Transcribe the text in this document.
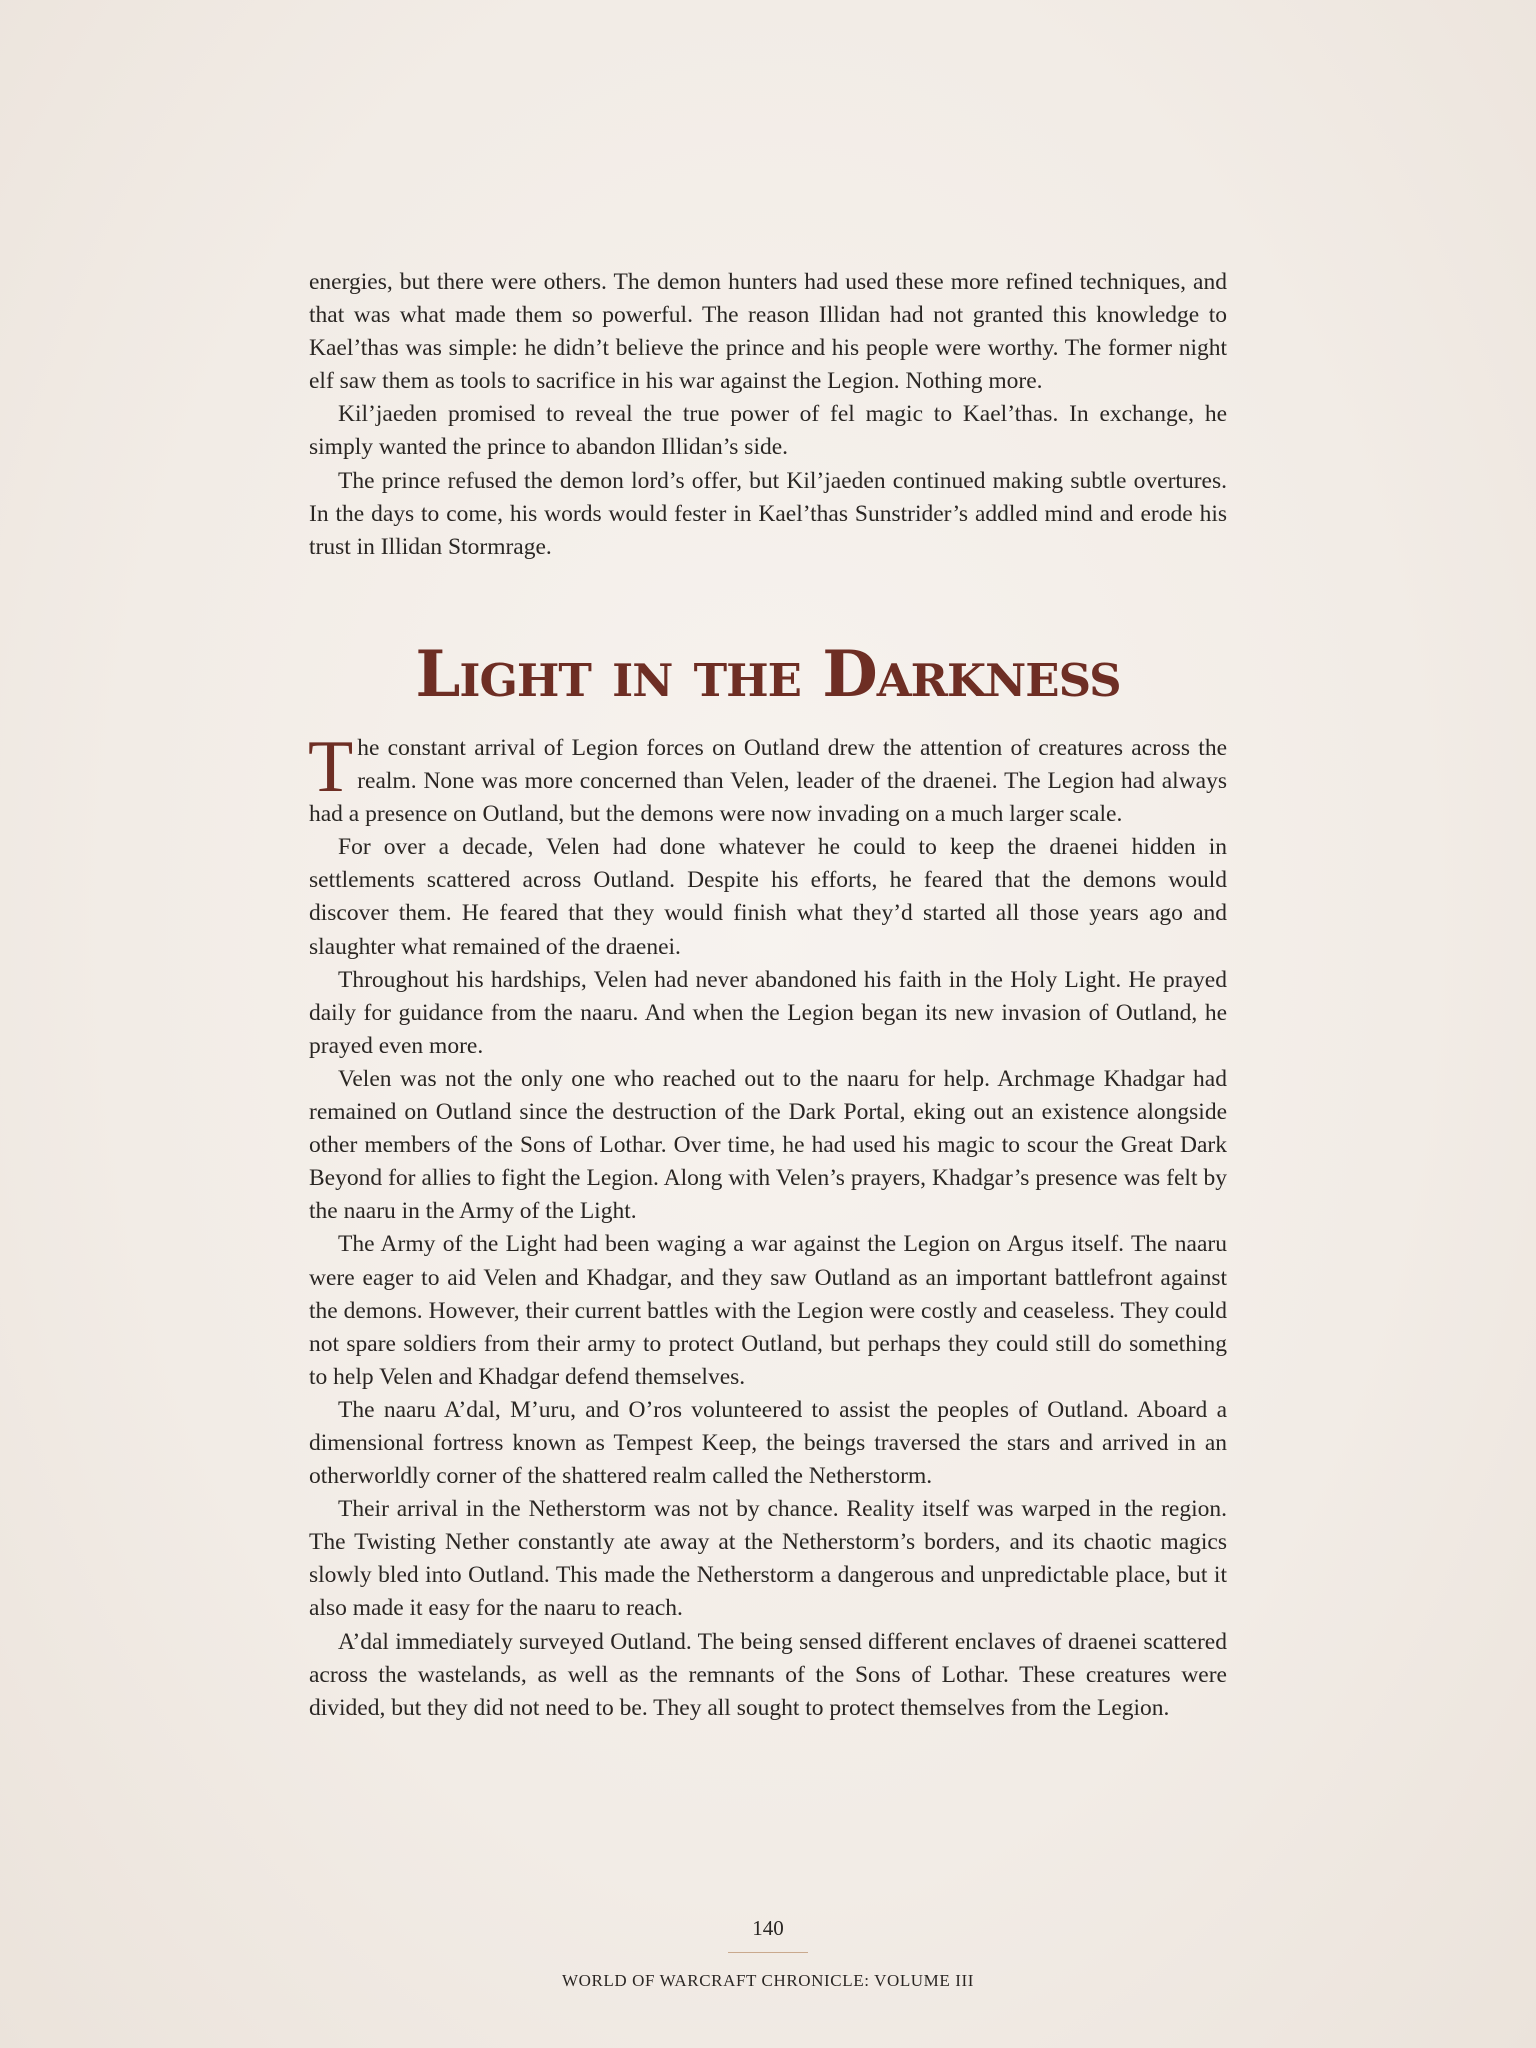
energies, but there were others. The demon hunters had used these more refined techniques, and that was what made them so powerful. The reason Illidan had not granted this knowledge to Kael’thas was simple: he didn’t believe the prince and his people were worthy. The former night elf saw them as tools to sacrifice in his war against the Legion. Nothing more.

Kil’jaeden promised to reveal the true power of fel magic to Kael’thas. In exchange, he simply wanted the prince to abandon Illidan’s side.

The prince refused the demon lord’s offer, but Kil’jaeden continued making subtle overtures. In the days to come, his words would fester in Kael’thas Sunstrider’s addled mind and erode his trust in Illidan Stormrage.

Light in the Darkness

The constant arrival of Legion forces on Outland drew the attention of creatures across the realm. None was more concerned than Velen, leader of the draenei. The Legion had always had a presence on Outland, but the demons were now invading on a much larger scale.

For over a decade, Velen had done whatever he could to keep the draenei hidden in settlements scattered across Outland. Despite his efforts, he feared that the demons would discover them. He feared that they would finish what they’d started all those years ago and slaughter what remained of the draenei.

Throughout his hardships, Velen had never abandoned his faith in the Holy Light. He prayed daily for guidance from the naaru. And when the Legion began its new invasion of Outland, he prayed even more.

Velen was not the only one who reached out to the naaru for help. Archmage Khadgar had remained on Outland since the destruction of the Dark Portal, eking out an existence alongside other members of the Sons of Lothar. Over time, he had used his magic to scour the Great Dark Beyond for allies to fight the Legion. Along with Velen’s prayers, Khadgar’s presence was felt by the naaru in the Army of the Light.

The Army of the Light had been waging a war against the Legion on Argus itself. The naaru were eager to aid Velen and Khadgar, and they saw Outland as an important battlefront against the demons. However, their current battles with the Legion were costly and ceaseless. They could not spare soldiers from their army to protect Outland, but perhaps they could still do something to help Velen and Khadgar defend themselves.

The naaru A’dal, M’uru, and O’ros volunteered to assist the peoples of Outland. Aboard a dimensional fortress known as Tempest Keep, the beings traversed the stars and arrived in an otherworldly corner of the shattered realm called the Netherstorm.

Their arrival in the Netherstorm was not by chance. Reality itself was warped in the region. The Twisting Nether constantly ate away at the Netherstorm’s borders, and its chaotic magics slowly bled into Outland. This made the Netherstorm a dangerous and unpredictable place, but it also made it easy for the naaru to reach.

A’dal immediately surveyed Outland. The being sensed different enclaves of draenei scattered across the wastelands, as well as the remnants of the Sons of Lothar. These creatures were divided, but they did not need to be. They all sought to protect themselves from the Legion.

140
WORLD OF WARCRAFT CHRONICLE: VOLUME III
